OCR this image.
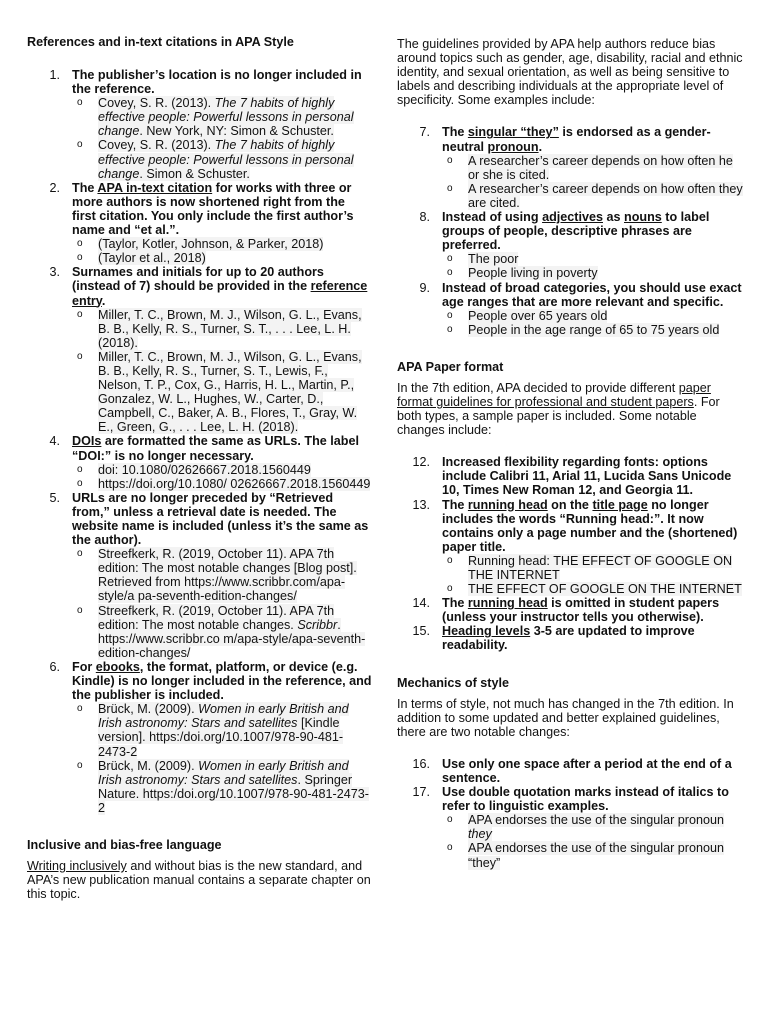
References and in-text citations in APA Style
1. The publisher’s location is no longer included in the reference.
o Covey, S. R. (2013). The 7 habits of highly effective people: Powerful lessons in personal change. New York, NY: Simon & Schuster.
o Covey, S. R. (2013). The 7 habits of highly effective people: Powerful lessons in personal change. Simon & Schuster.
2. The APA in-text citation for works with three or more authors is now shortened right from the first citation. You only include the first author’s name and “et al.”.
o (Taylor, Kotler, Johnson, & Parker, 2018)
o (Taylor et al., 2018)
3. Surnames and initials for up to 20 authors (instead of 7) should be provided in the reference entry.
o Miller, T. C., Brown, M. J., Wilson, G. L., Evans, B. B., Kelly, R. S., Turner, S. T., . . . Lee, L. H. (2018).
o Miller, T. C., Brown, M. J., Wilson, G. L., Evans, B. B., Kelly, R. S., Turner, S. T., Lewis, F., Nelson, T. P., Cox, G., Harris, H. L., Martin, P., Gonzalez, W. L., Hughes, W., Carter, D., Campbell, C., Baker, A. B., Flores, T., Gray, W. E., Green, G., . . . Lee, L. H. (2018).
4. DOIs are formatted the same as URLs. The label “DOI:” is no longer necessary.
o doi: 10.1080/02626667.2018.1560449
o https://doi.org/10.1080/ 02626667.2018.1560449
5. URLs are no longer preceded by “Retrieved from,” unless a retrieval date is needed. The website name is included (unless it’s the same as the author).
o Streefkerk, R. (2019, October 11). APA 7th edition: The most notable changes [Blog post]. Retrieved from https://www.scribbr.com/apa-style/a pa-seventh-edition-changes/
o Streefkerk, R. (2019, October 11). APA 7th edition: The most notable changes. Scribbr. https://www.scribbr.co m/apa-style/apa-seventh-edition-changes/
6. For ebooks, the format, platform, or device (e.g. Kindle) is no longer included in the reference, and the publisher is included.
o Brück, M. (2009). Women in early British and Irish astronomy: Stars and satellites [Kindle version]. https:/doi.org/10.1007/978-90-481-2473-2
o Brück, M. (2009). Women in early British and Irish astronomy: Stars and satellites. Springer Nature. https:/doi.org/10.1007/978-90-481-2473-2
Inclusive and bias-free language

Writing inclusively and without bias is the new standard, and APA’s new publication manual contains a separate chapter on this topic.

The guidelines provided by APA help authors reduce bias around topics such as gender, age, disability, racial and ethnic identity, and sexual orientation, as well as being sensitive to labels and describing individuals at the appropriate level of specificity. Some examples include:

7. The singular “they” is endorsed as a gender-neutral pronoun.
o A researcher’s career depends on how often he or she is cited.
o A researcher’s career depends on how often they are cited.
8. Instead of using adjectives as nouns to label groups of people, descriptive phrases are preferred.
o The poor
o People living in poverty
9. Instead of broad categories, you should use exact age ranges that are more relevant and specific.
o People over 65 years old
o People in the age range of 65 to 75 years old
APA Paper format

In the 7th edition, APA decided to provide different paper format guidelines for professional and student papers. For both types, a sample paper is included. Some notable changes include:

12. Increased flexibility regarding fonts: options include Calibri 11, Arial 11, Lucida Sans Unicode 10, Times New Roman 12, and Georgia 11.
13. The running head on the title page no longer includes the words “Running head:”. It now contains only a page number and the (shortened) paper title.
o Running head: THE EFFECT OF GOOGLE ON THE INTERNET
o THE EFFECT OF GOOGLE ON THE INTERNET
14. The running head is omitted in student papers (unless your instructor tells you otherwise).
15. Heading levels 3-5 are updated to improve readability.
Mechanics of style

In terms of style, not much has changed in the 7th edition. In addition to some updated and better explained guidelines, there are two notable changes:

16. Use only one space after a period at the end of a sentence.
17. Use double quotation marks instead of italics to refer to linguistic examples.
o APA endorses the use of the singular pronoun they
o APA endorses the use of the singular pronoun “they”
